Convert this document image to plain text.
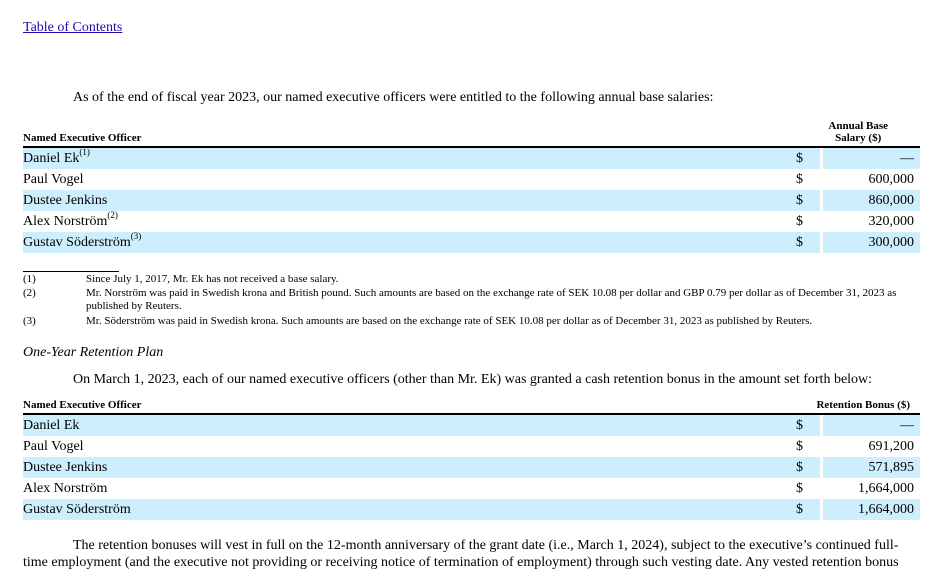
Table of Contents
As of the end of fiscal year 2023, our named executive officers were entitled to the following annual base salaries:
Named Executive Officer
Annual Base
Salary ($)
Daniel Ek$^{(1)}$	$	—
Paul Vogel	$	600,000
Dustee Jenkins	$	860,000
Alex Norström$^{(2)}$	$	320,000
Gustav Söderström$^{(3)}$	$	300,000
(1)	Since July 1, 2017, Mr. Ek has not received a base salary.
(2)	Mr. Norström was paid in Swedish krona and British pound. Such amounts are based on the exchange rate of SEK 10.08 per dollar and GBP 0.79 per dollar as of December 31, 2023 as published by Reuters.
(3)	Mr. Söderström was paid in Swedish krona. Such amounts are based on the exchange rate of SEK 10.08 per dollar as of December 31, 2023 as published by Reuters.
One-Year Retention Plan
On March 1, 2023, each of our named executive officers (other than Mr. Ek) was granted a cash retention bonus in the amount set forth below:
Named Executive Officer	Retention Bonus ($)
Daniel Ek	$	—
Paul Vogel	$	691,200
Dustee Jenkins	$	571,895
Alex Norström	$	1,664,000
Gustav Söderström	$	1,664,000
The retention bonuses will vest in full on the 12-month anniversary of the grant date (i.e., March 1, 2024), subject to the executive’s continued full-time employment (and the executive not providing or receiving notice of termination of employment) through such vesting date. Any vested retention bonus
